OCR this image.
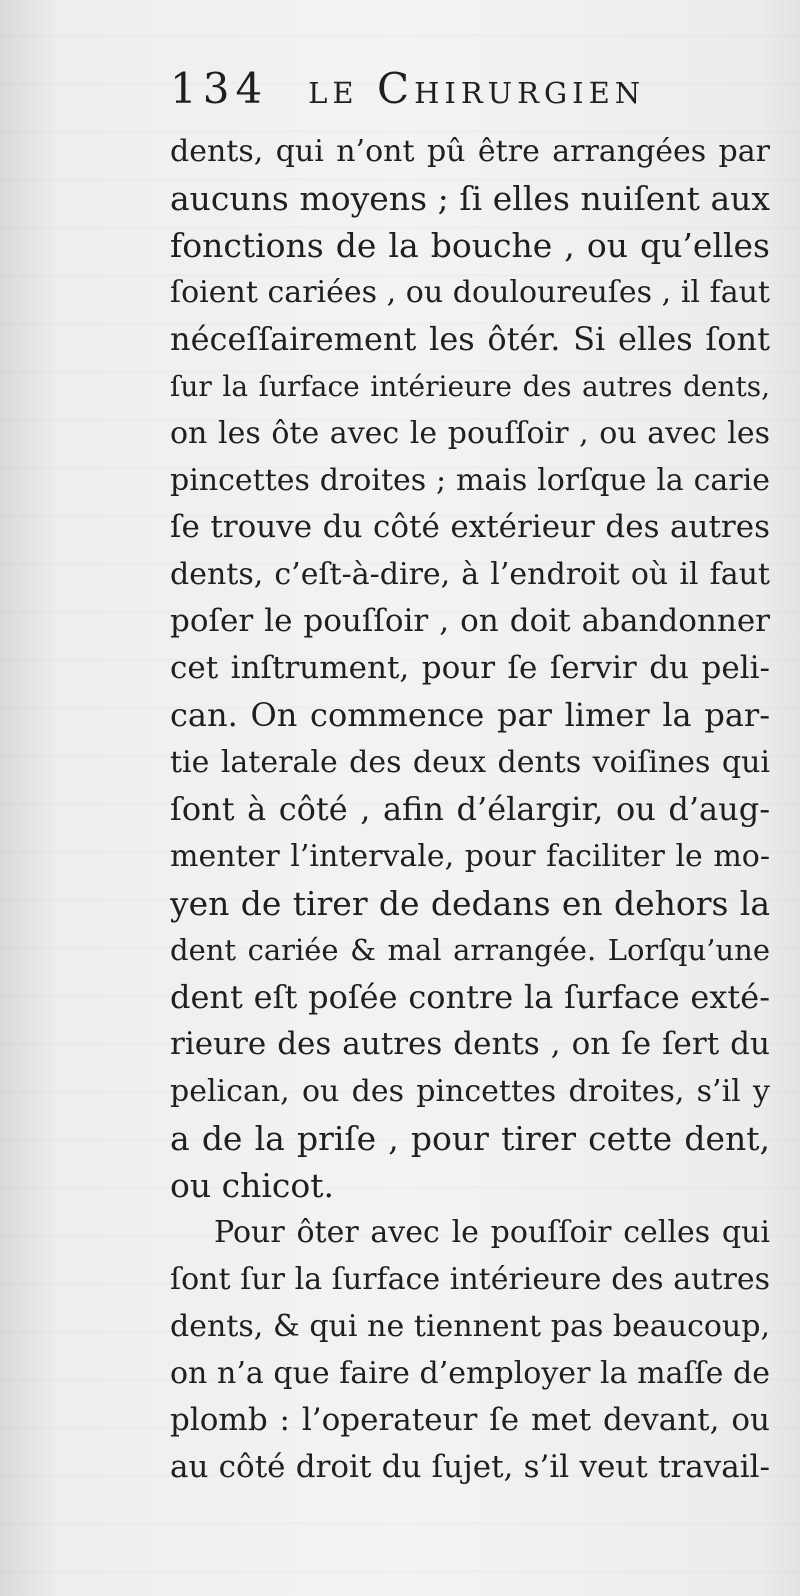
134 le Chirurgien
dents, qui n’ont pû être arrangées par
aucuns moyens ; ſi elles nuiſent aux
fonctions de la bouche , ou qu’elles
ſoient cariées , ou douloureuſes , il faut
néceſſairement les ôtér. Si elles ſont
ſur la ſurface intérieure des autres dents,
on les ôte avec le pouſſoir , ou avec les
pincettes droites ; mais lorſque la carie
ſe trouve du côté extérieur des autres
dents, c’eſt-à-dire, à l’endroit où il faut
poſer le pouſſoir , on doit abandonner
cet inſtrument, pour ſe ſervir du peli-
can. On commence par limer la par-
tie laterale des deux dents voiſines qui
ſont à côté , afin d’élargir, ou d’aug-
menter l’intervale, pour faciliter le mo-
yen de tirer de dedans en dehors la
dent cariée & mal arrangée. Lorſqu’une
dent eſt poſée contre la ſurface exté-
rieure des autres dents , on ſe ſert du
pelican, ou des pincettes droites, s’il y
a de la priſe , pour tirer cette dent,
ou chicot.
Pour ôter avec le pouſſoir celles qui
ſont ſur la ſurface intérieure des autres
dents, & qui ne tiennent pas beaucoup,
on n’a que faire d’employer la maſſe de
plomb : l’operateur ſe met devant, ou
au côté droit du ſujet, s’il veut travail-
